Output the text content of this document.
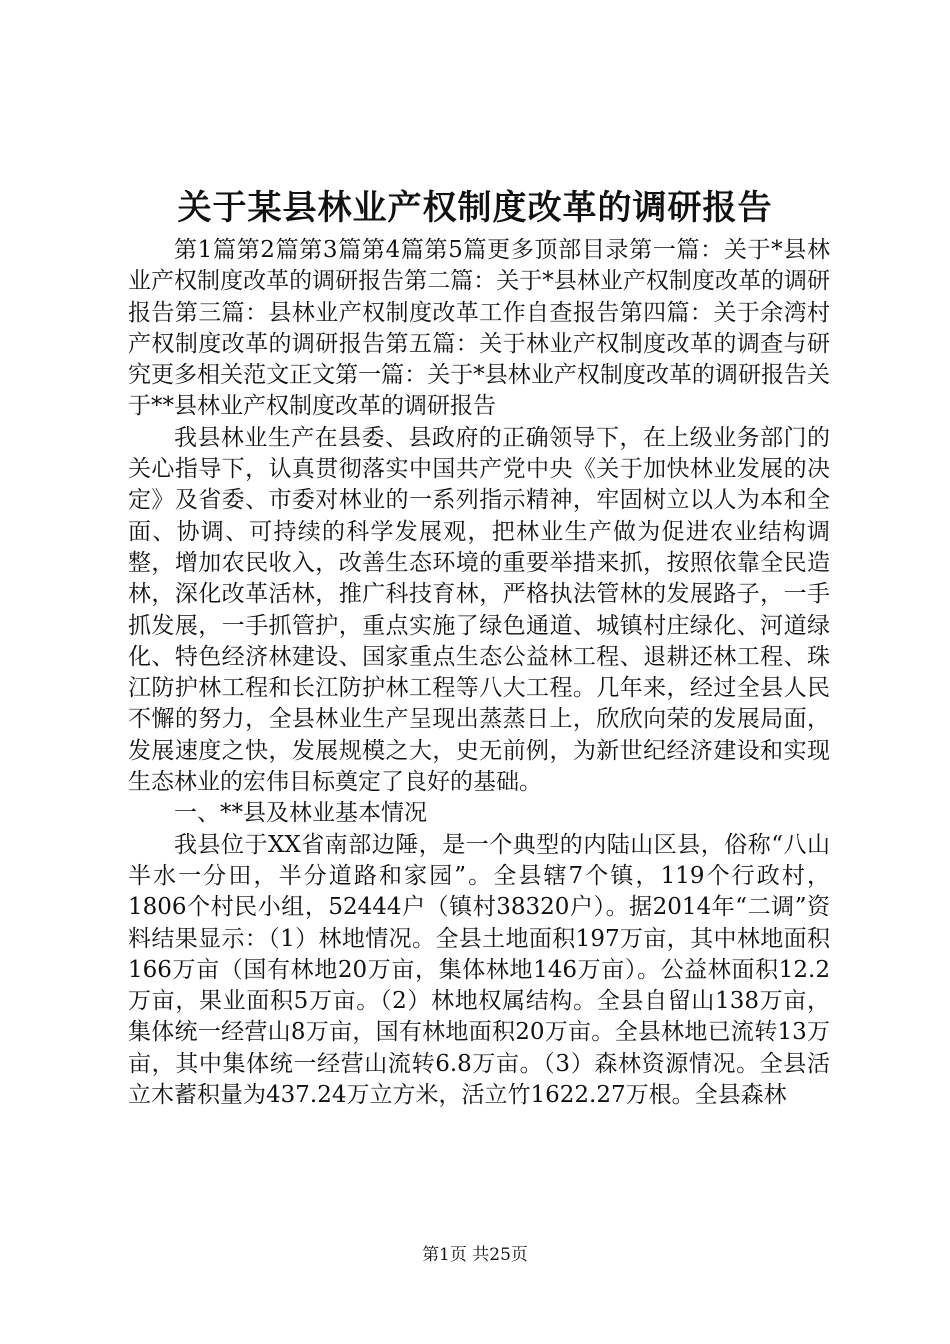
关于某县林业产权制度改革的调研报告

第1篇第2篇第3篇第4篇第5篇更多顶部目录第一篇：关于*县林业产权制度改革的调研报告第二篇：关于*县林业产权制度改革的调研报告第三篇：县林业产权制度改革工作自查报告第四篇：关于余湾村产权制度改革的调研报告第五篇：关于林业产权制度改革的调查与研究更多相关范文正文第一篇：关于*县林业产权制度改革的调研报告关于**县林业产权制度改革的调研报告

我县林业生产在县委、县政府的正确领导下，在上级业务部门的关心指导下，认真贯彻落实中国共产党中央《关于加快林业发展的决定》及省委、市委对林业的一系列指示精神，牢固树立以人为本和全面、协调、可持续的科学发展观，把林业生产做为促进农业结构调整，增加农民收入，改善生态环境的重要举措来抓，按照依靠全民造林，深化改革活林，推广科技育林，严格执法管林的发展路子，一手抓发展，一手抓管护，重点实施了绿色通道、城镇村庄绿化、河道绿化、特色经济林建设、国家重点生态公益林工程、退耕还林工程、珠江防护林工程和长江防护林工程等八大工程。几年来，经过全县人民不懈的努力，全县林业生产呈现出蒸蒸日上，欣欣向荣的发展局面，发展速度之快，发展规模之大，史无前例，为新世纪经济建设和实现生态林业的宏伟目标奠定了良好的基础。

一、**县及林业基本情况

我县位于XX省南部边陲，是一个典型的内陆山区县，俗称“八山半水一分田，半分道路和家园”。全县辖7个镇，119个行政村，1806个村民小组，52444户（镇村38320户）。据2014年“二调”资料结果显示：（1）林地情况。全县土地面积197万亩，其中林地面积166万亩（国有林地20万亩，集体林地146万亩）。公益林面积12.2万亩，果业面积5万亩。（2）林地权属结构。全县自留山138万亩，集体统一经营山8万亩，国有林地面积20万亩。全县林地已流转13万亩，其中集体统一经营山流转6.8万亩。（3）森林资源情况。全县活立木蓄积量为437.24万立方米，活立竹1622.27万根。全县森林

第1页 共25页
